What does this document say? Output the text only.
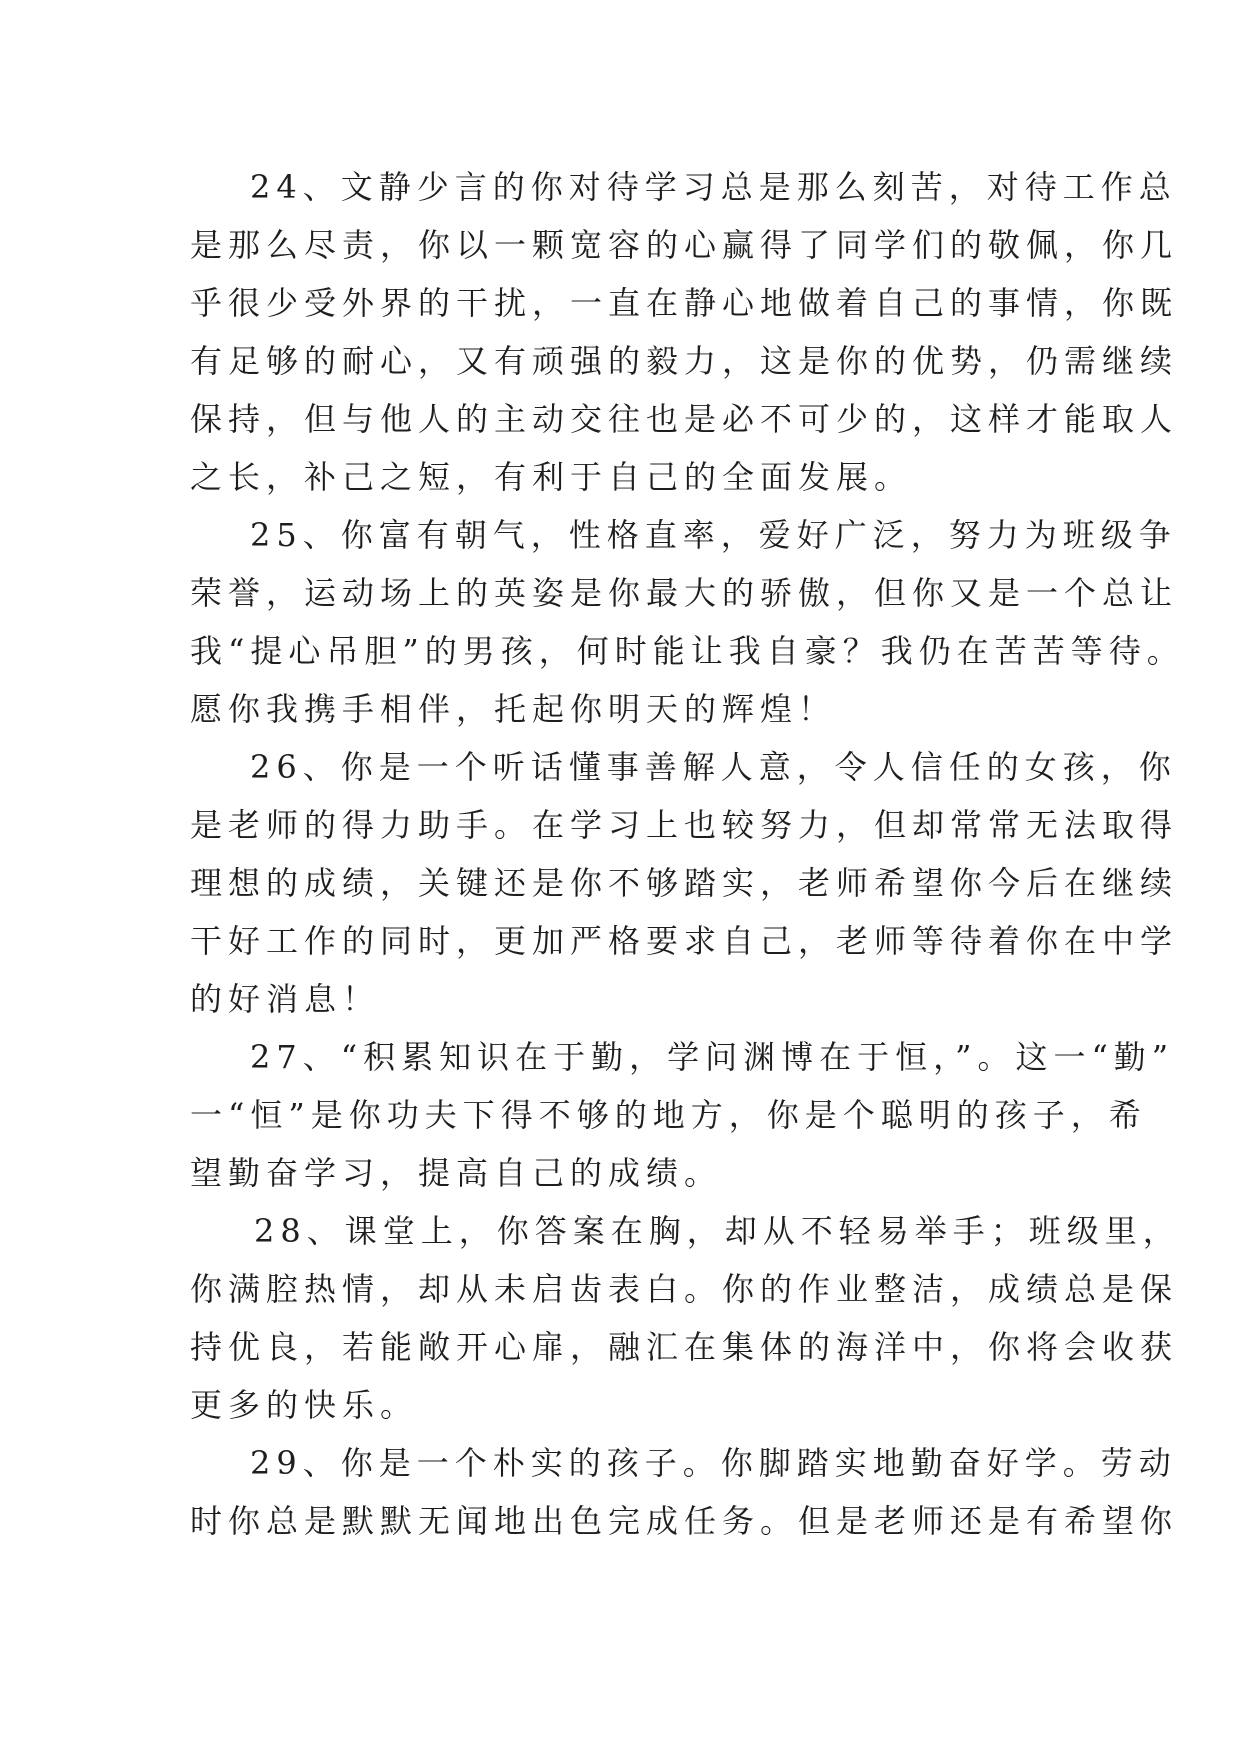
24、文静少言的你对待学习总是那么刻苦，对待工作总
是那么尽责，你以一颗宽容的心赢得了同学们的敬佩，你几
乎很少受外界的干扰，一直在静心地做着自己的事情，你既
有足够的耐心，又有顽强的毅力，这是你的优势，仍需继续
保持，但与他人的主动交往也是必不可少的，这样才能取人
之长，补己之短，有利于自己的全面发展。
25、你富有朝气，性格直率，爱好广泛，努力为班级争
荣誉，运动场上的英姿是你最大的骄傲，但你又是一个总让
我“提心吊胆”的男孩，何时能让我自豪？我仍在苦苦等待。
愿你我携手相伴，托起你明天的辉煌！
26、你是一个听话懂事善解人意，令人信任的女孩，你
是老师的得力助手。在学习上也较努力，但却常常无法取得
理想的成绩，关键还是你不够踏实，老师希望你今后在继续
干好工作的同时，更加严格要求自己，老师等待着你在中学
的好消息！
27、“积累知识在于勤，学问渊博在于恒，”。这一“勤”
一“恒”是你功夫下得不够的地方，你是个聪明的孩子，希
望勤奋学习，提高自己的成绩。
28、课堂上，你答案在胸，却从不轻易举手；班级里，
你满腔热情，却从未启齿表白。你的作业整洁，成绩总是保
持优良，若能敞开心扉，融汇在集体的海洋中，你将会收获
更多的快乐。
29、你是一个朴实的孩子。你脚踏实地勤奋好学。劳动
时你总是默默无闻地出色完成任务。但是老师还是有希望你
